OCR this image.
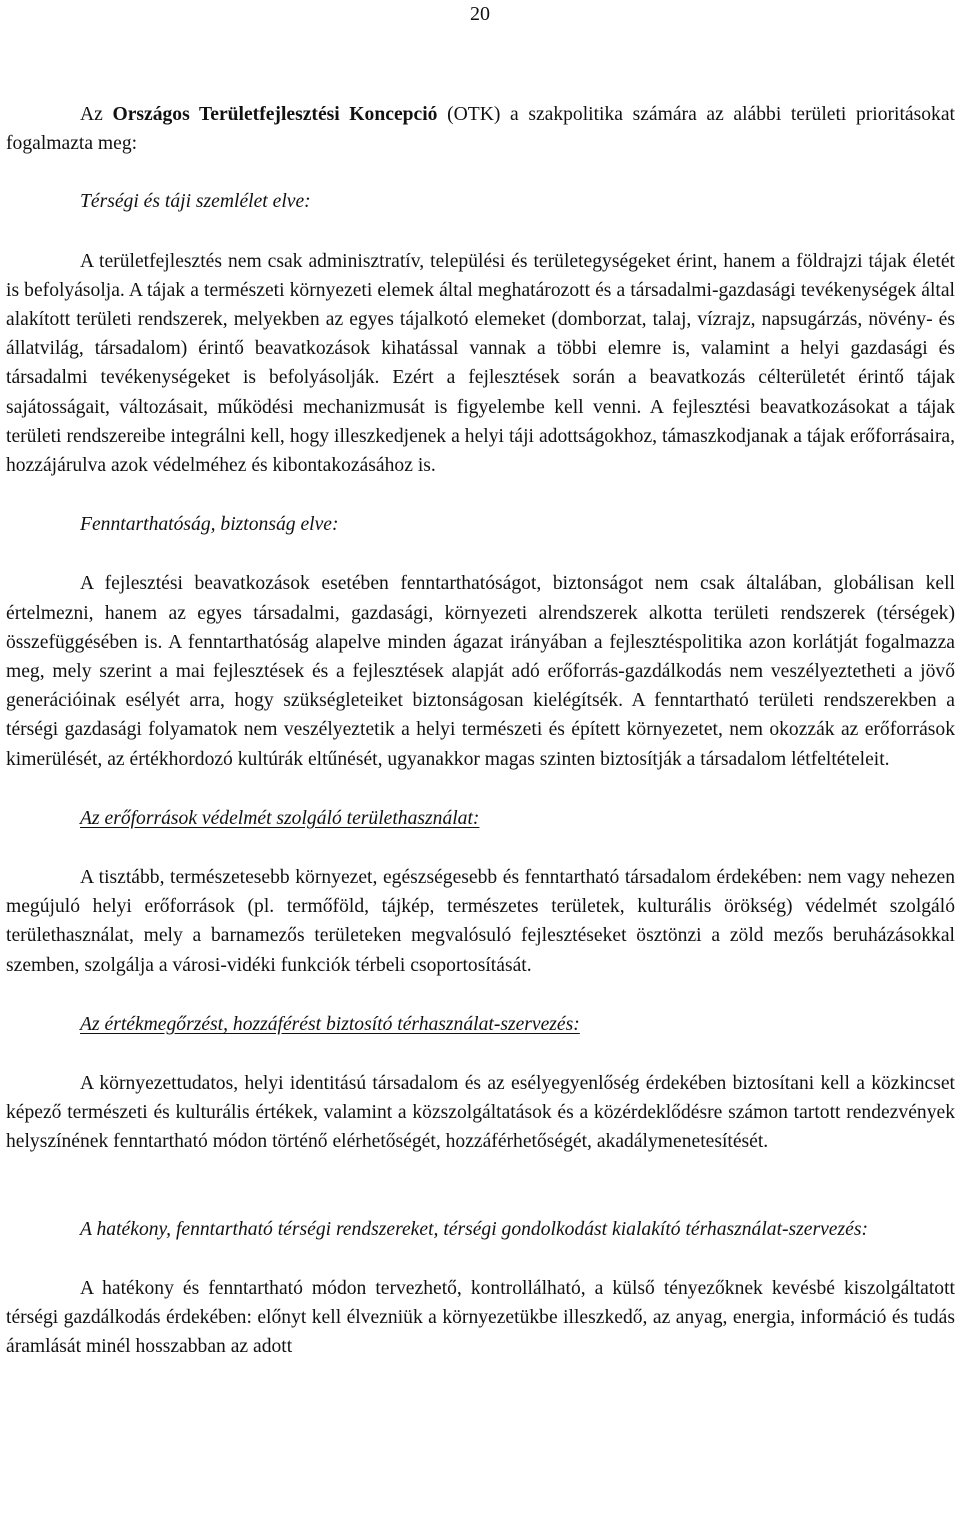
20

Az Országos Területfejlesztési Koncepció (OTK) a szakpolitika számára az alábbi területi prioritásokat fogalmazta meg:

Térségi és táji szemlélet elve:

A területfejlesztés nem csak adminisztratív, települési és területegységeket érint, hanem a földrajzi tájak életét is befolyásolja. A tájak a természeti környezeti elemek által meghatározott és a társadalmi-gazdasági tevékenységek által alakított területi rendszerek, melyekben az egyes tájalkotó elemeket (domborzat, talaj, vízrajz, napsugárzás, növény- és állatvilág, társadalom) érintő beavatkozások kihatással vannak a többi elemre is, valamint a helyi gazdasági és társadalmi tevékenységeket is befolyásolják. Ezért a fejlesztések során a beavatkozás célterületét érintő tájak sajátosságait, változásait, működési mechanizmusát is figyelembe kell venni. A fejlesztési beavatkozásokat a tájak területi rendszereibe integrálni kell, hogy illeszkedjenek a helyi táji adottságokhoz, támaszkodjanak a tájak erőforrásaira, hozzájárulva azok védelméhez és kibontakozásához is.

Fenntarthatóság, biztonság elve:

A fejlesztési beavatkozások esetében fenntarthatóságot, biztonságot nem csak általában, globálisan kell értelmezni, hanem az egyes társadalmi, gazdasági, környezeti alrendszerek alkotta területi rendszerek (térségek) összefüggésében is. A fenntarthatóság alapelve minden ágazat irányában a fejlesztéspolitika azon korlátját fogalmazza meg, mely szerint a mai fejlesztések és a fejlesztések alapját adó erőforrás-gazdálkodás nem veszélyeztetheti a jövő generációinak esélyét arra, hogy szükségleteiket biztonságosan kielégítsék. A fenntartható területi rendszerekben a térségi gazdasági folyamatok nem veszélyeztetik a helyi természeti és épített környezetet, nem okozzák az erőforrások kimerülését, az értékhordozó kultúrák eltűnését, ugyanakkor magas szinten biztosítják a társadalom létfeltételeit.

Az erőforrások védelmét szolgáló területhasználat:

A tisztább, természetesebb környezet, egészségesebb és fenntartható társadalom érdekében: nem vagy nehezen megújuló helyi erőforrások (pl. termőföld, tájkép, természetes területek, kulturális örökség) védelmét szolgáló területhasználat, mely a barnamezős területeken megvalósuló fejlesztéseket ösztönzi a zöld mezős beruházásokkal szemben, szolgálja a városi-vidéki funkciók térbeli csoportosítását.

Az értékmegőrzést, hozzáférést biztosító térhasználat-szervezés:

A környezettudatos, helyi identitású társadalom és az esélyegyenlőség érdekében biztosítani kell a közkincset képező természeti és kulturális értékek, valamint a közszolgáltatások és a közérdeklődésre számon tartott rendezvények helyszínének fenntartható módon történő elérhetőségét, hozzáférhetőségét, akadálymenetesítését.

A hatékony, fenntartható térségi rendszereket, térségi gondolkodást kialakító térhasználat-szervezés:

A hatékony és fenntartható módon tervezhető, kontrollálható, a külső tényezőknek kevésbé kiszolgáltatott térségi gazdálkodás érdekében: előnyt kell élvezniük a környezetükbe illeszkedő, az anyag, energia, információ és tudás áramlását minél hosszabban az adott
